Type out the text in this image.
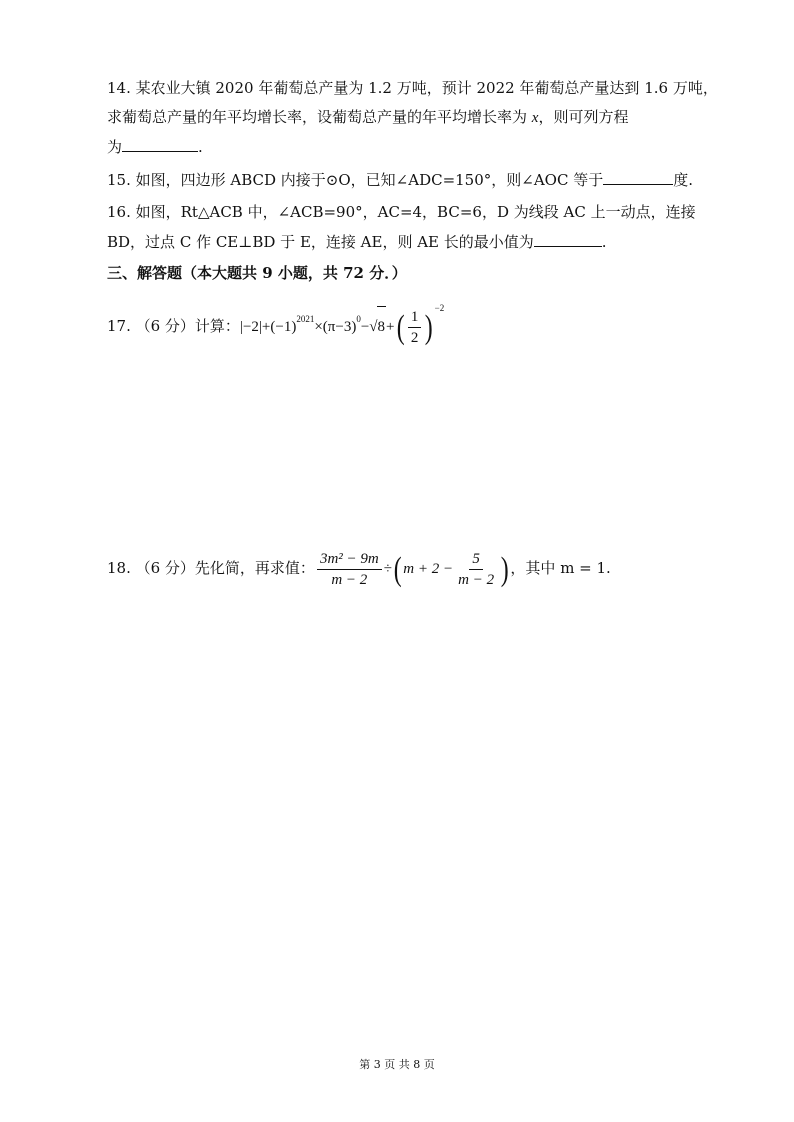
14. 某农业大镇 2020 年葡萄总产量为 1.2 万吨，预计 2022 年葡萄总产量达到 1.6 万吨，
求葡萄总产量的年平均增长率，设葡萄总产量的年平均增长率为 x，则可列方程
为	.
15. 如图，四边形 ABCD 内接于⊙O，已知∠ADC=150°，则∠AOC 等于	度.
16. 如图，Rt△ACB 中，∠ACB=90°，AC=4，BC=6，D 为线段 AC 上一动点，连接
BD，过点 C 作 CE⊥BD 于 E，连接 AE，则 AE 长的最小值为	.
三、解答题（本大题共 9 小题，共 72 分．）
17. （6 分）计算：$|-2|+(-1)^{2021}\times(\pi-3)^0-√8+( \frac{1}{2} )^{-2}$
18. （6 分）先化简，再求值： $\frac{\text{3m² − 9m}}{m - 2}$ ÷( $m + 2 - \frac{5}{m - 2}$ ) ，其中 m = 1.
第 3 页 共 8 页
